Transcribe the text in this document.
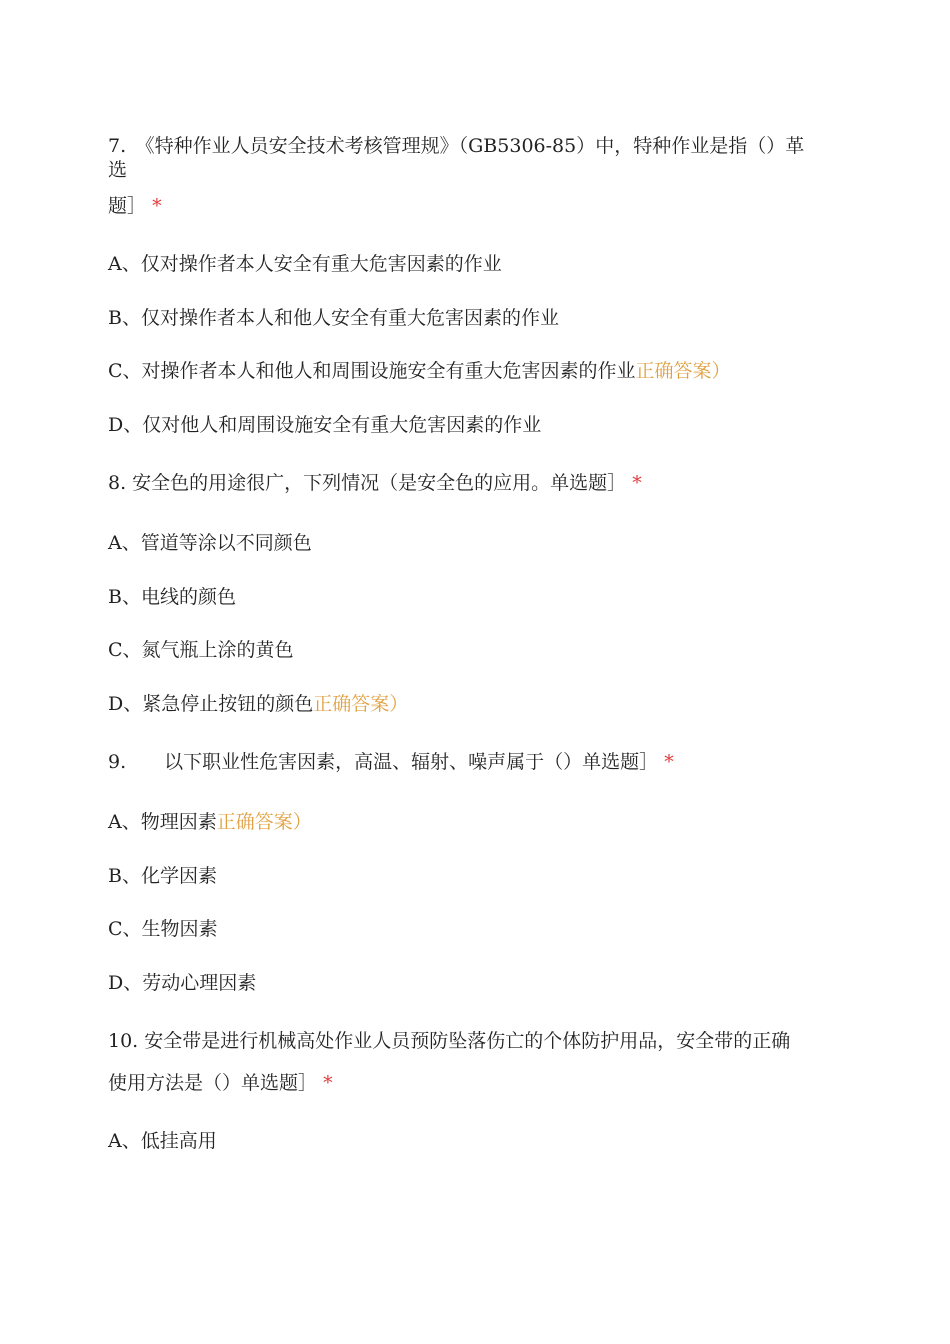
7.　《特种作业人员安全技术考核管理规》（GB5306-85）中，特种作业是指（）革
选
题］ *
A、仅对操作者本人安全有重大危害因素的作业
B、仅对操作者本人和他人安全有重大危害因素的作业
C、对操作者本人和他人和周围设施安全有重大危害因素的作业正确答案）
D、仅对他人和周围设施安全有重大危害因素的作业
8. 安全色的用途很广，下列情况（是安全色的应用。单选题］ *
A、管道等涂以不同颜色
B、电线的颜色
C、氮气瓶上涂的黄色
D、紧急停止按钮的颜色正确答案）
9.　　以下职业性危害因素，高温、辐射、噪声属于（）单选题］ *
A、物理因素正确答案）
B、化学因素
C、生物因素
D、劳动心理因素
10. 安全带是进行机械高处作业人员预防坠落伤亡的个体防护用品，安全带的正确
使用方法是（）单选题］ *
A、低挂高用
